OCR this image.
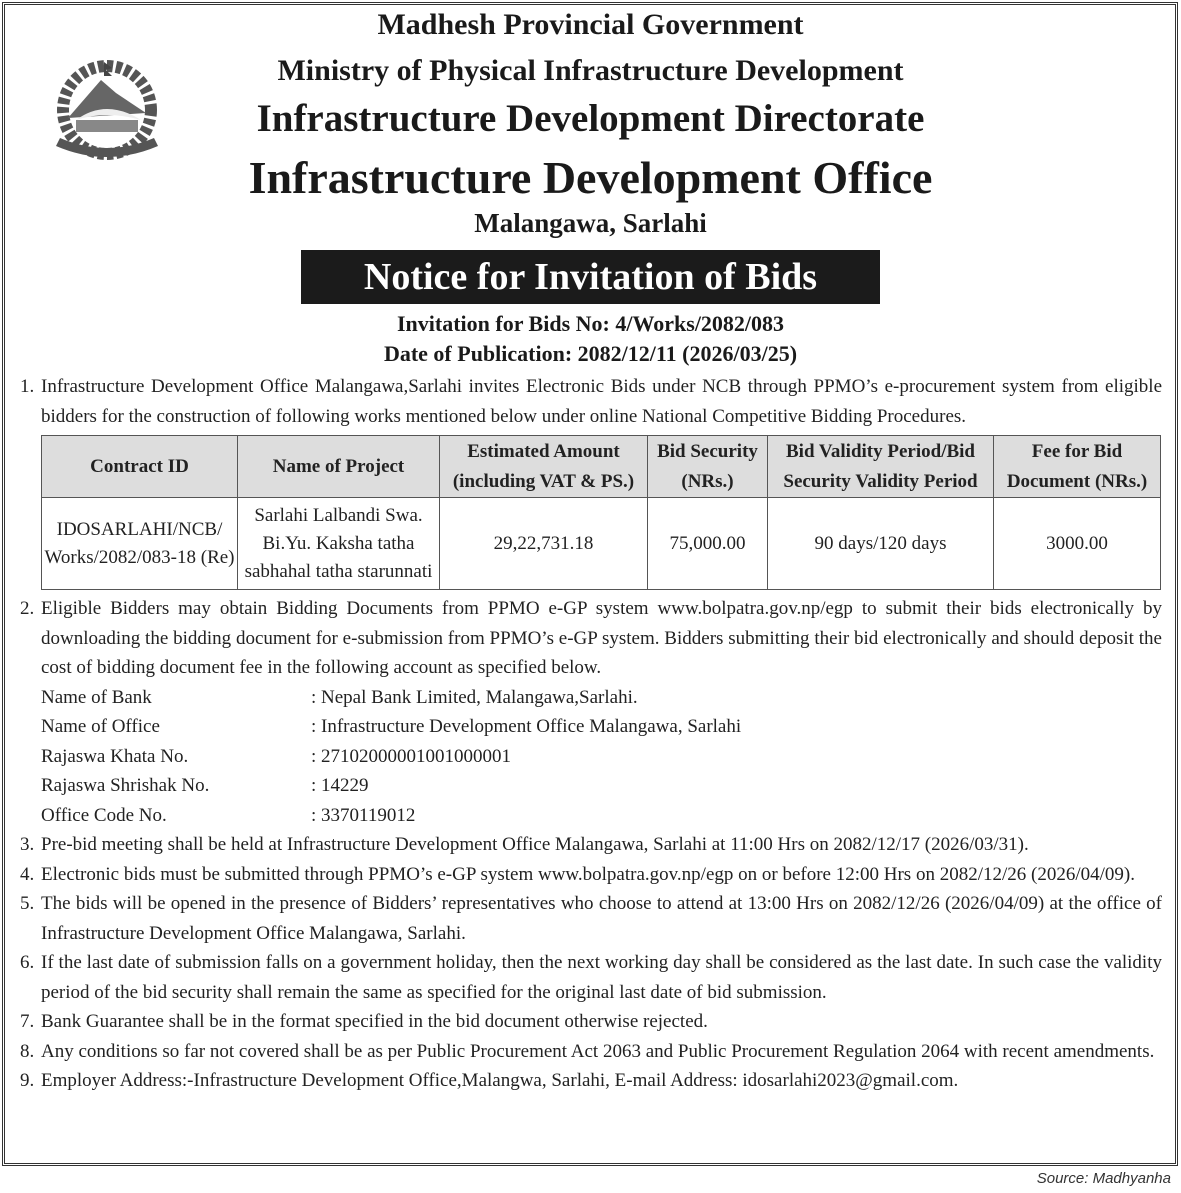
Madhesh Provincial Government
Ministry of Physical Infrastructure Development
Infrastructure Development Directorate
Infrastructure Development Office
Malangawa, Sarlahi
Notice for Invitation of Bids
Invitation for Bids No: 4/Works/2082/083
Date of Publication: 2082/12/11 (2026/03/25)
1. Infrastructure Development Office Malangawa,Sarlahi invites Electronic Bids under NCB through PPMO’s e-procurement system from eligible bidders for the construction of following works mentioned below under online National Competitive Bidding Procedures.
Contract ID	Name of Project	Estimated Amount (including VAT & PS.)	Bid Security (NRs.)	Bid Validity Period/Bid Security Validity Period	Fee for Bid Document (NRs.)
IDOSARLAHI/NCB/ Works/2082/083-18 (Re)	Sarlahi Lalbandi Swa. Bi.Yu. Kaksha tatha sabhahal tatha starunnati	29,22,731.18	75,000.00	90 days/120 days	3000.00
2. Eligible Bidders may obtain Bidding Documents from PPMO e-GP system www.bolpatra.gov.np/egp to submit their bids electronically by downloading the bidding document for e-submission from PPMO’s e-GP system. Bidders submitting their bid electronically and should deposit the cost of bidding document fee in the following account as specified below.
Name of Bank	: Nepal Bank Limited, Malangawa,Sarlahi.
Name of Office	: Infrastructure Development Office Malangawa, Sarlahi
Rajaswa Khata No.	: 27102000001001000001
Rajaswa Shrishak No.	: 14229
Office Code No.	: 3370119012
3. Pre-bid meeting shall be held at Infrastructure Development Office Malangawa, Sarlahi at 11:00 Hrs on 2082/12/17 (2026/03/31).
4. Electronic bids must be submitted through PPMO’s e-GP system www.bolpatra.gov.np/egp on or before 12:00 Hrs on 2082/12/26 (2026/04/09).
5. The bids will be opened in the presence of Bidders’ representatives who choose to attend at 13:00 Hrs on 2082/12/26 (2026/04/09) at the office of Infrastructure Development Office Malangawa, Sarlahi.
6. If the last date of submission falls on a government holiday, then the next working day shall be considered as the last date. In such case the validity period of the bid security shall remain the same as specified for the original last date of bid submission.
7. Bank Guarantee shall be in the format specified in the bid document otherwise rejected.
8. Any conditions so far not covered shall be as per Public Procurement Act 2063 and Public Procurement Regulation 2064 with recent amendments.
9. Employer Address:-Infrastructure Development Office,Malangwa, Sarlahi, E-mail Address: idosarlahi2023@gmail.com.
Source: Madhyanha
